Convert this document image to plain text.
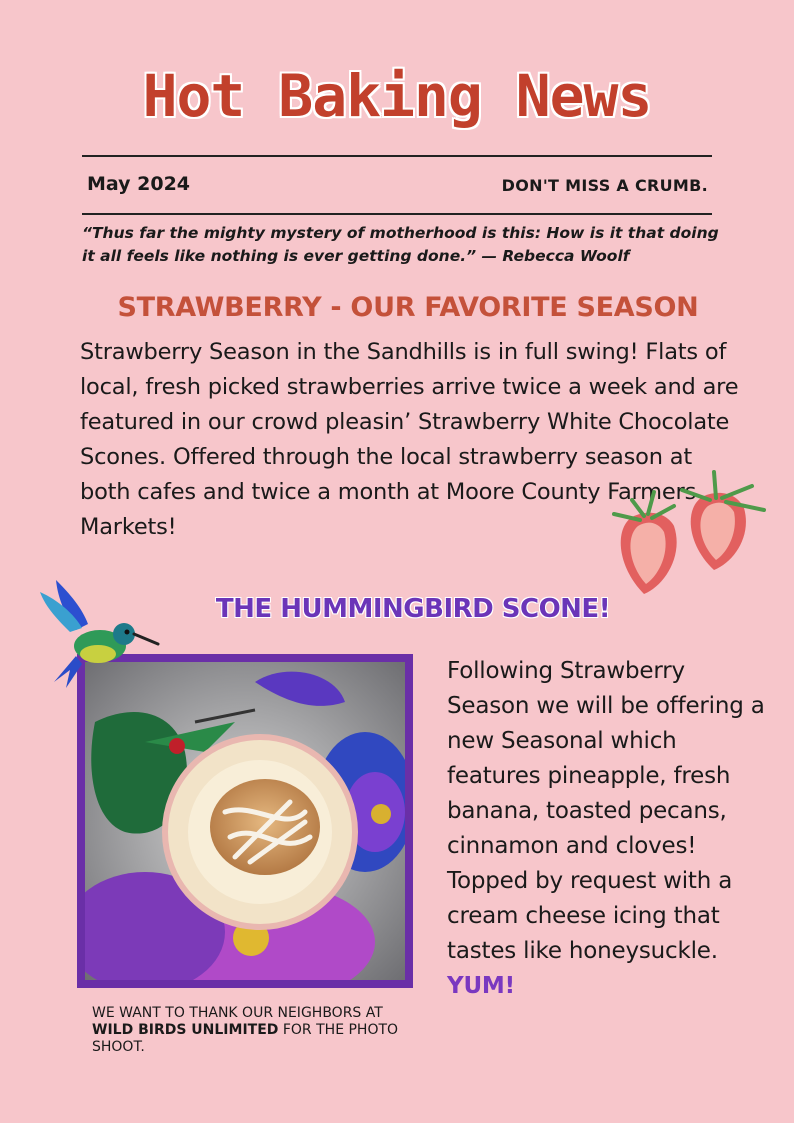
Hot Baking News
May 2024	DON'T MISS A CRUMB.
“Thus far the mighty mystery of motherhood is this: How is it that doing it all feels like nothing is ever getting done.” — Rebecca Woolf
STRAWBERRY - OUR FAVORITE SEASON
Strawberry Season in the Sandhills is in full swing! Flats of local, fresh picked strawberries arrive twice a week and are featured in our crowd pleasin’ Strawberry White Chocolate Scones. Offered through the local strawberry season at both cafes and twice a month at Moore County Farmers Markets!
THE HUMMINGBIRD SCONE!
Following Strawberry Season we will be offering a new Seasonal which features pineapple, fresh banana, toasted pecans, cinnamon and cloves! Topped by request with a cream cheese icing that tastes like honeysuckle. YUM!
WE WANT TO THANK OUR NEIGHBORS AT WILD BIRDS UNLIMITED FOR THE PHOTO SHOOT.
